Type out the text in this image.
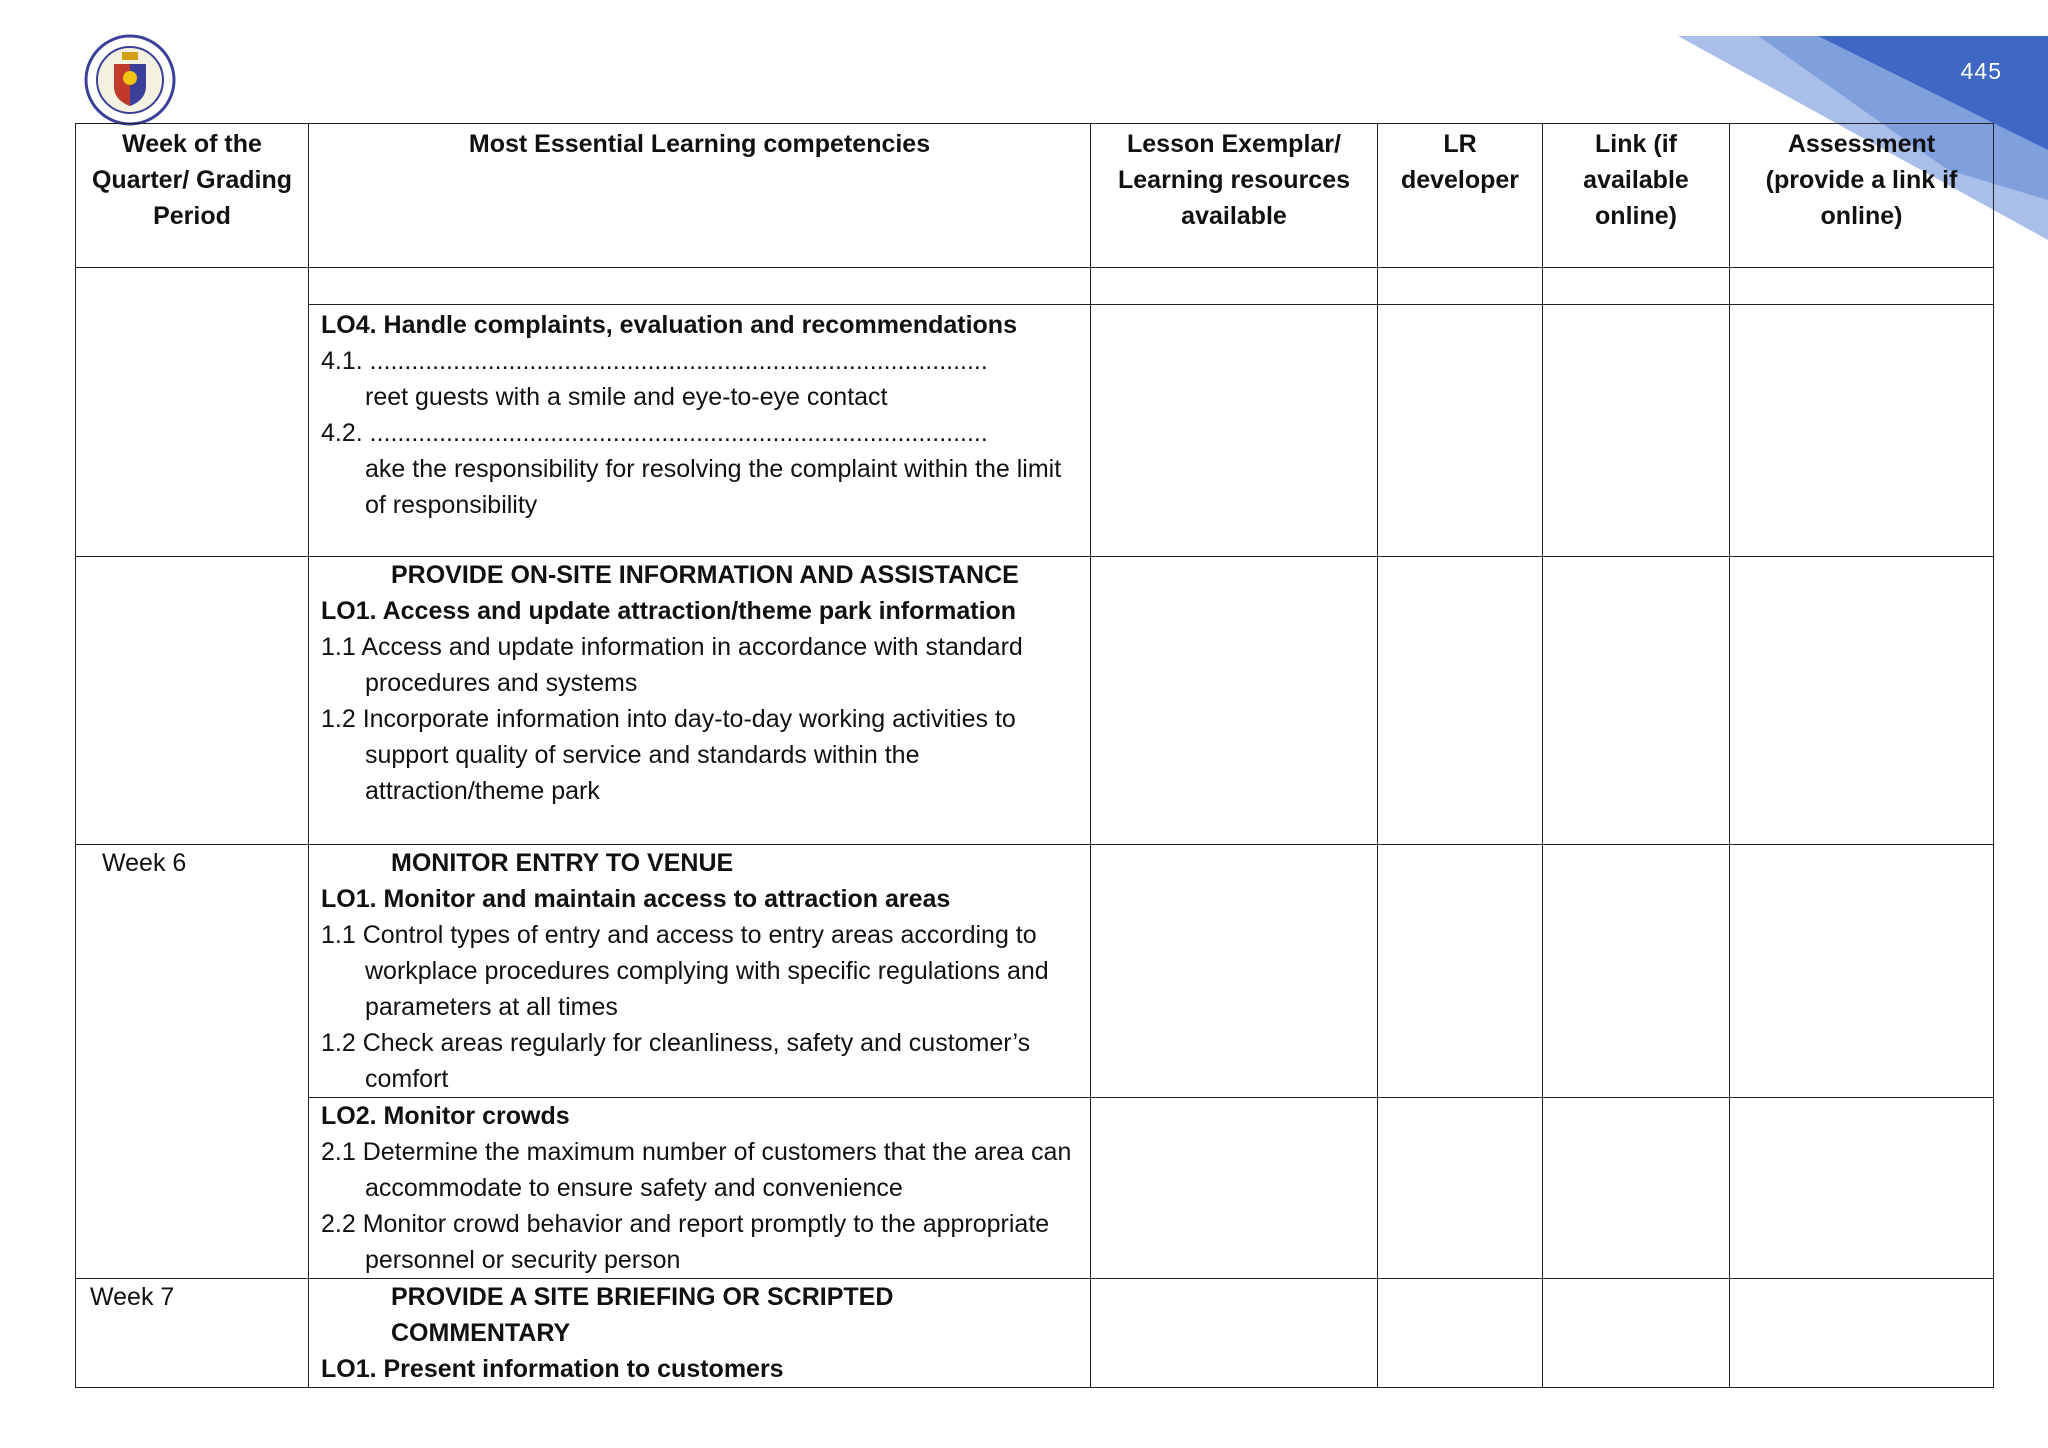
445
Week of the Quarter/ Grading Period	Most Essential Learning competencies	Lesson Exemplar/ Learning resources available	LR developer	Link (if available online)	Assessment (provide a link if online)

	LO4. Handle complaints, evaluation and recommendations
4.1. .........................................................................................
reet guests with a smile and eye-to-eye contact
4.2. .........................................................................................
ake the responsibility for resolving the complaint within the limit of responsibility				

	PROVIDE ON-SITE INFORMATION AND ASSISTANCE
LO1. Access and update attraction/theme park information
1.1 Access and update information in accordance with standard procedures and systems
1.2 Incorporate information into day-to-day working activities to support quality of service and standards within the attraction/theme park				

Week 6	MONITOR ENTRY TO VENUE
LO1. Monitor and maintain access to attraction areas
1.1 Control types of entry and access to entry areas according to workplace procedures complying with specific regulations and parameters at all times
1.2 Check areas regularly for cleanliness, safety and customer’s comfort				

	LO2. Monitor crowds
2.1 Determine the maximum number of customers that the area can accommodate to ensure safety and convenience
2.2 Monitor crowd behavior and report promptly to the appropriate personnel or security person				

Week 7	PROVIDE A SITE BRIEFING OR SCRIPTED COMMENTARY
LO1. Present information to customers				
